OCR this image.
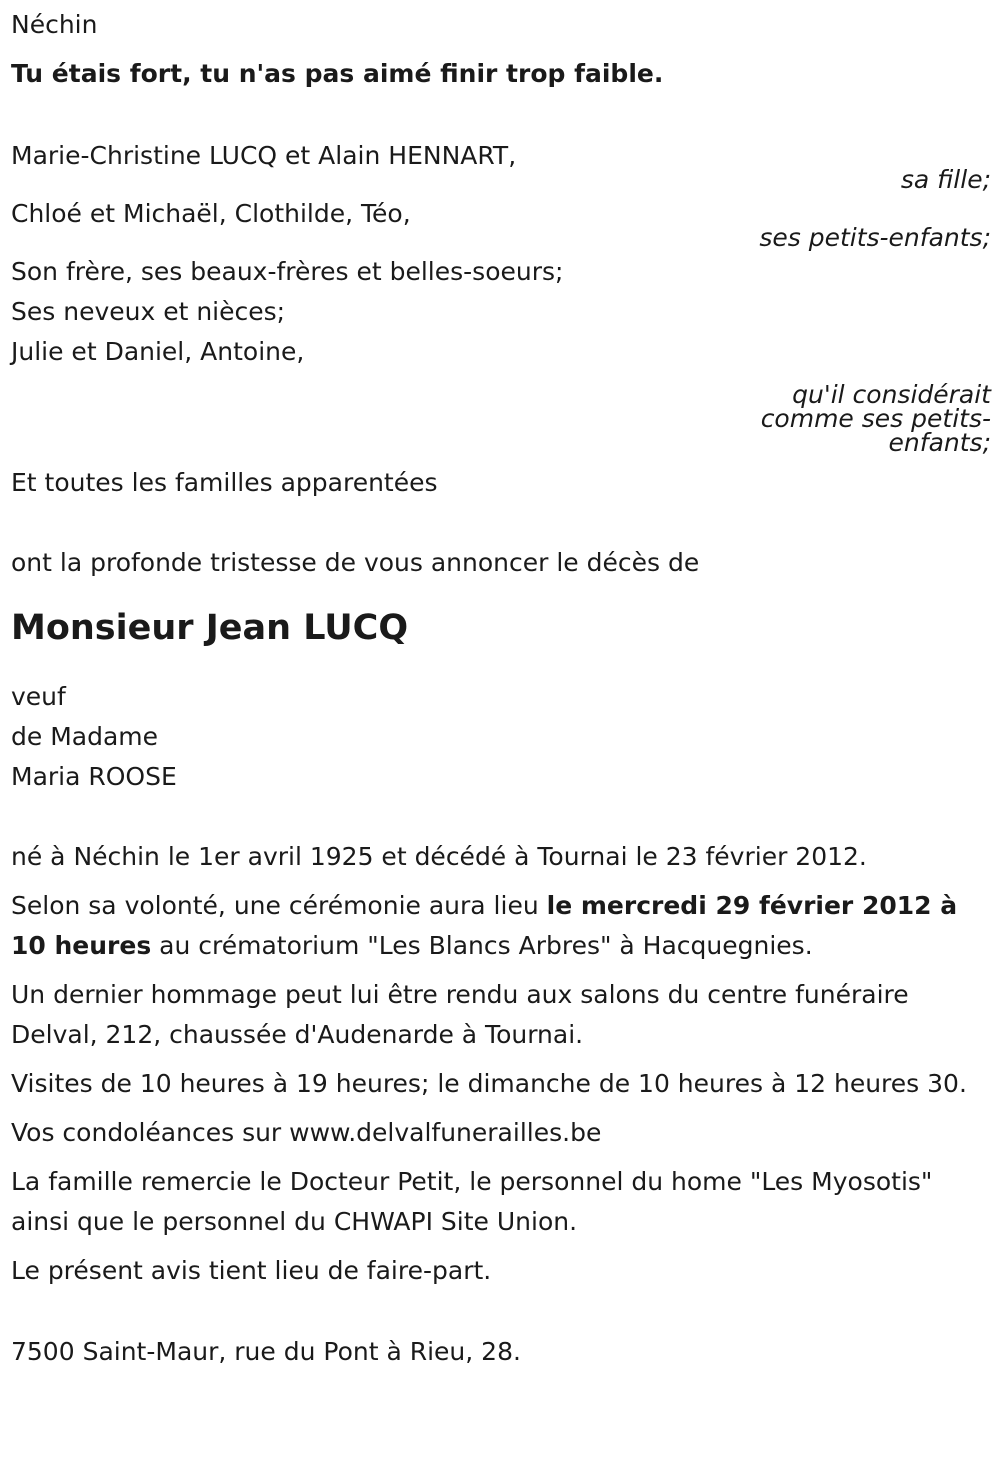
Néchin
Tu étais fort, tu n'as pas aimé finir trop faible.
Marie-Christine LUCQ et Alain HENNART,
sa fille;
Chloé et Michaël, Clothilde, Téo,
ses petits-enfants;
Son frère, ses beaux-frères et belles-soeurs;
Ses neveux et nièces;
Julie et Daniel, Antoine,
qu'il considérait
comme ses petits-
enfants;
Et toutes les familles apparentées
ont la profonde tristesse de vous annoncer le décès de
Monsieur Jean LUCQ
veuf
de Madame
Maria ROOSE
né à Néchin le 1er avril 1925 et décédé à Tournai le 23 février 2012.
Selon sa volonté, une cérémonie aura lieu le mercredi 29 février 2012 à 10 heures au crématorium "Les Blancs Arbres" à Hacquegnies.
Un dernier hommage peut lui être rendu aux salons du centre funéraire Delval, 212, chaussée d'Audenarde à Tournai.
Visites de 10 heures à 19 heures; le dimanche de 10 heures à 12 heures 30.
Vos condoléances sur www.delvalfunerailles.be
La famille remercie le Docteur Petit, le personnel du home "Les Myosotis" ainsi que le personnel du CHWAPI Site Union.
Le présent avis tient lieu de faire-part.
7500 Saint-Maur, rue du Pont à Rieu, 28.
